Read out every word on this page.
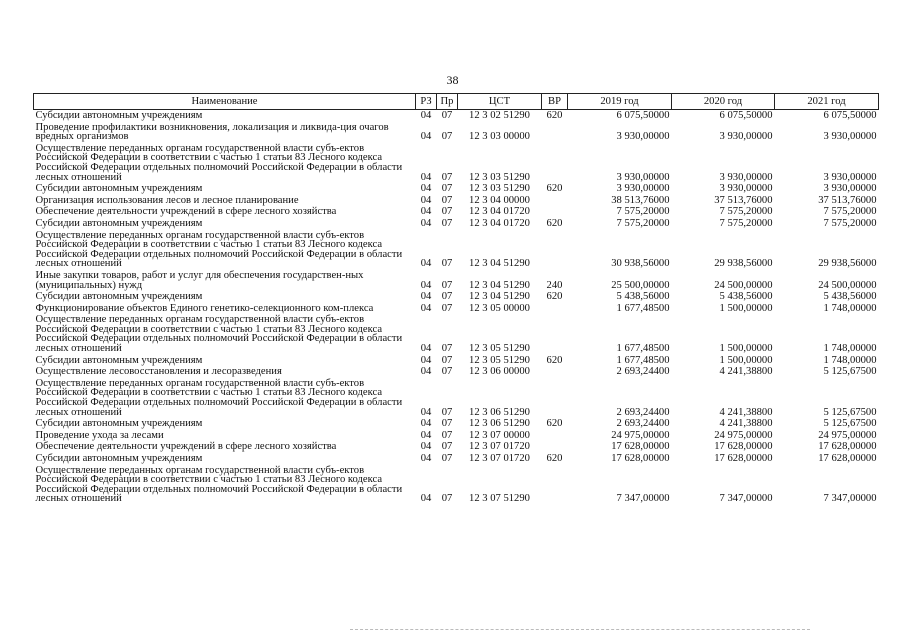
38
Наименование	РЗ	Пр	ЦСТ	ВР	2019 год	2020 год	2021 год
Субсидии автономным учреждениям	04	07	12 3 02 51290	620	6 075,50000	6 075,50000	6 075,50000
Проведение профилактики возникновения, локализация и ликвида-ция очагов вредных организмов	04	07	12 3 03 00000		3 930,00000	3 930,00000	3 930,00000
Осуществление переданных органам государственной власти субъ-ектов Российской Федерации в соответствии с частью 1 статьи 83 Лесного кодекса Российской Федерации отдельных полномочий Российской Федерации в области лесных отношений	04	07	12 3 03 51290		3 930,00000	3 930,00000	3 930,00000
Субсидии автономным учреждениям	04	07	12 3 03 51290	620	3 930,00000	3 930,00000	3 930,00000
Организация использования лесов и лесное планирование	04	07	12 3 04 00000		38 513,76000	37 513,76000	37 513,76000
Обеспечение деятельности учреждений в сфере лесного хозяйства	04	07	12 3 04 01720		7 575,20000	7 575,20000	7 575,20000
Субсидии автономным учреждениям	04	07	12 3 04 01720	620	7 575,20000	7 575,20000	7 575,20000
Осуществление переданных органам государственной власти субъ-ектов Российской Федерации в соответствии с частью 1 статьи 83 Лесного кодекса Российской Федерации отдельных полномочий Российской Федерации в области лесных отношений	04	07	12 3 04 51290		30 938,56000	29 938,56000	29 938,56000
Иные закупки товаров, работ и услуг для обеспечения государствен-ных (муниципальных) нужд	04	07	12 3 04 51290	240	25 500,00000	24 500,00000	24 500,00000
Субсидии автономным учреждениям	04	07	12 3 04 51290	620	5 438,56000	5 438,56000	5 438,56000
Функционирование объектов Единого генетико-селекционного ком-плекса	04	07	12 3 05 00000		1 677,48500	1 500,00000	1 748,00000
Осуществление переданных органам государственной власти субъ-ектов Российской Федерации в соответствии с частью 1 статьи 83 Лесного кодекса Российской Федерации отдельных полномочий Российской Федерации в области лесных отношений	04	07	12 3 05 51290		1 677,48500	1 500,00000	1 748,00000
Субсидии автономным учреждениям	04	07	12 3 05 51290	620	1 677,48500	1 500,00000	1 748,00000
Осуществление лесовосстановления и лесоразведения	04	07	12 3 06 00000		2 693,24400	4 241,38800	5 125,67500
Осуществление переданных органам государственной власти субъ-ектов Российской Федерации в соответствии с частью 1 статьи 83 Лесного кодекса Российской Федерации отдельных полномочий Российской Федерации в области лесных отношений	04	07	12 3 06 51290		2 693,24400	4 241,38800	5 125,67500
Субсидии автономным учреждениям	04	07	12 3 06 51290	620	2 693,24400	4 241,38800	5 125,67500
Проведение ухода за лесами	04	07	12 3 07 00000		24 975,00000	24 975,00000	24 975,00000
Обеспечение деятельности учреждений в сфере лесного хозяйства	04	07	12 3 07 01720		17 628,00000	17 628,00000	17 628,00000
Субсидии автономным учреждениям	04	07	12 3 07 01720	620	17 628,00000	17 628,00000	17 628,00000
Осуществление переданных органам государственной власти субъ-ектов Российской Федерации в соответствии с частью 1 статьи 83 Лесного кодекса Российской Федерации отдельных полномочий Российской Федерации в области лесных отношений	04	07	12 3 07 51290		7 347,00000	7 347,00000	7 347,00000
